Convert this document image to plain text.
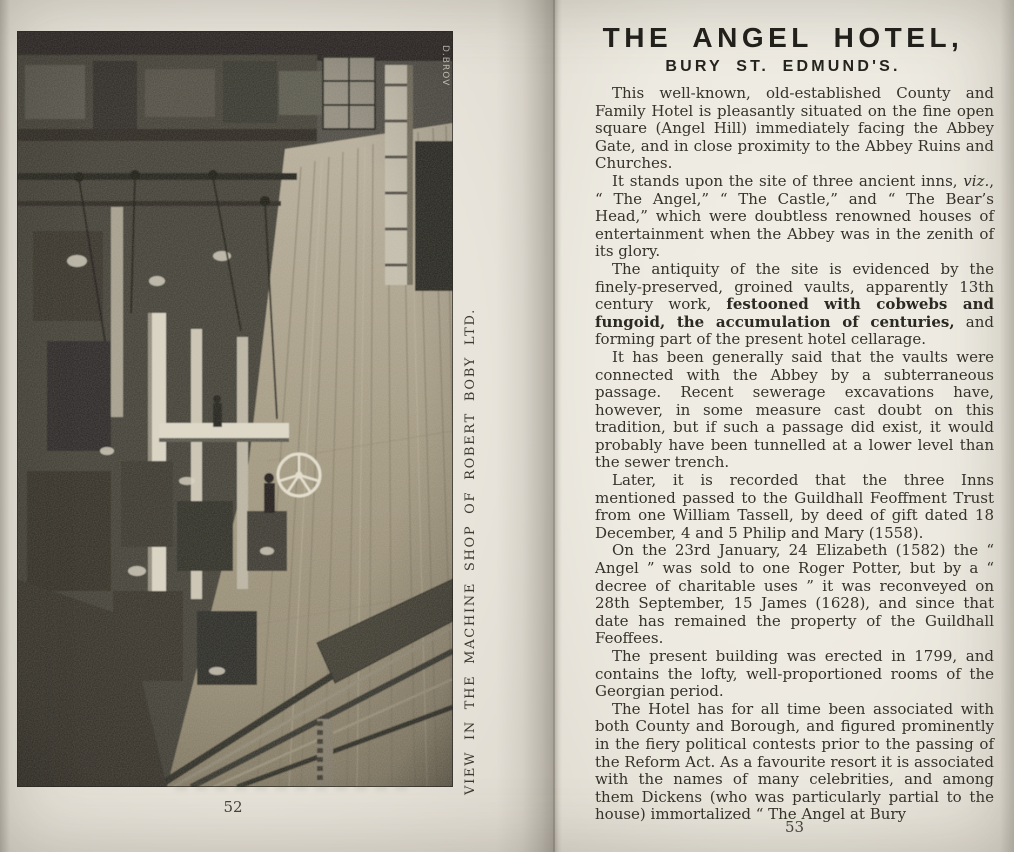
D.BROV
VIEW IN THE MACHINE SHOP OF ROBERT BOBY LTD.
52
THE ANGEL HOTEL,
BURY ST. EDMUND'S.

This well-known, old-established County and Family Hotel is pleasantly situated on the fine open square (Angel Hill) immediately facing the Abbey Gate, and in close proximity to the Abbey Ruins and Churches.

It stands upon the site of three ancient inns, viz., “ The Angel,” “ The Castle,” and “ The Bear’s Head,” which were doubtless renowned houses of entertainment when the Abbey was in the zenith of its glory.

The antiquity of the site is evidenced by the finely-preserved, groined vaults, apparently 13th century work, festooned with cobwebs and fungoid, the accumulation of centuries, and forming part of the present hotel cellarage.

It has been generally said that the vaults were connected with the Abbey by a subterraneous passage. Recent sewerage excavations have, however, in some measure cast doubt on this tradition, but if such a passage did exist, it would probably have been tunnelled at a lower level than the sewer trench.

Later, it is recorded that the three Inns mentioned passed to the Guildhall Feoffment Trust from one William Tassell, by deed of gift dated 18 December, 4 and 5 Philip and Mary (1558).

On the 23rd January, 24 Elizabeth (1582) the “ Angel ” was sold to one Roger Potter, but by a “ decree of charitable uses ” it was reconveyed on 28th September, 15 James (1628), and since that date has remained the property of the Guildhall Feoffees.

The present building was erected in 1799, and contains the lofty, well-proportioned rooms of the Georgian period.

The Hotel has for all time been associated with both County and Borough, and figured prominently in the fiery political contests prior to the passing of the Reform Act. As a favourite resort it is associated with the names of many celebrities, and among them Dickens (who was particularly partial to the house) immortalized “ The Angel at Bury

53
